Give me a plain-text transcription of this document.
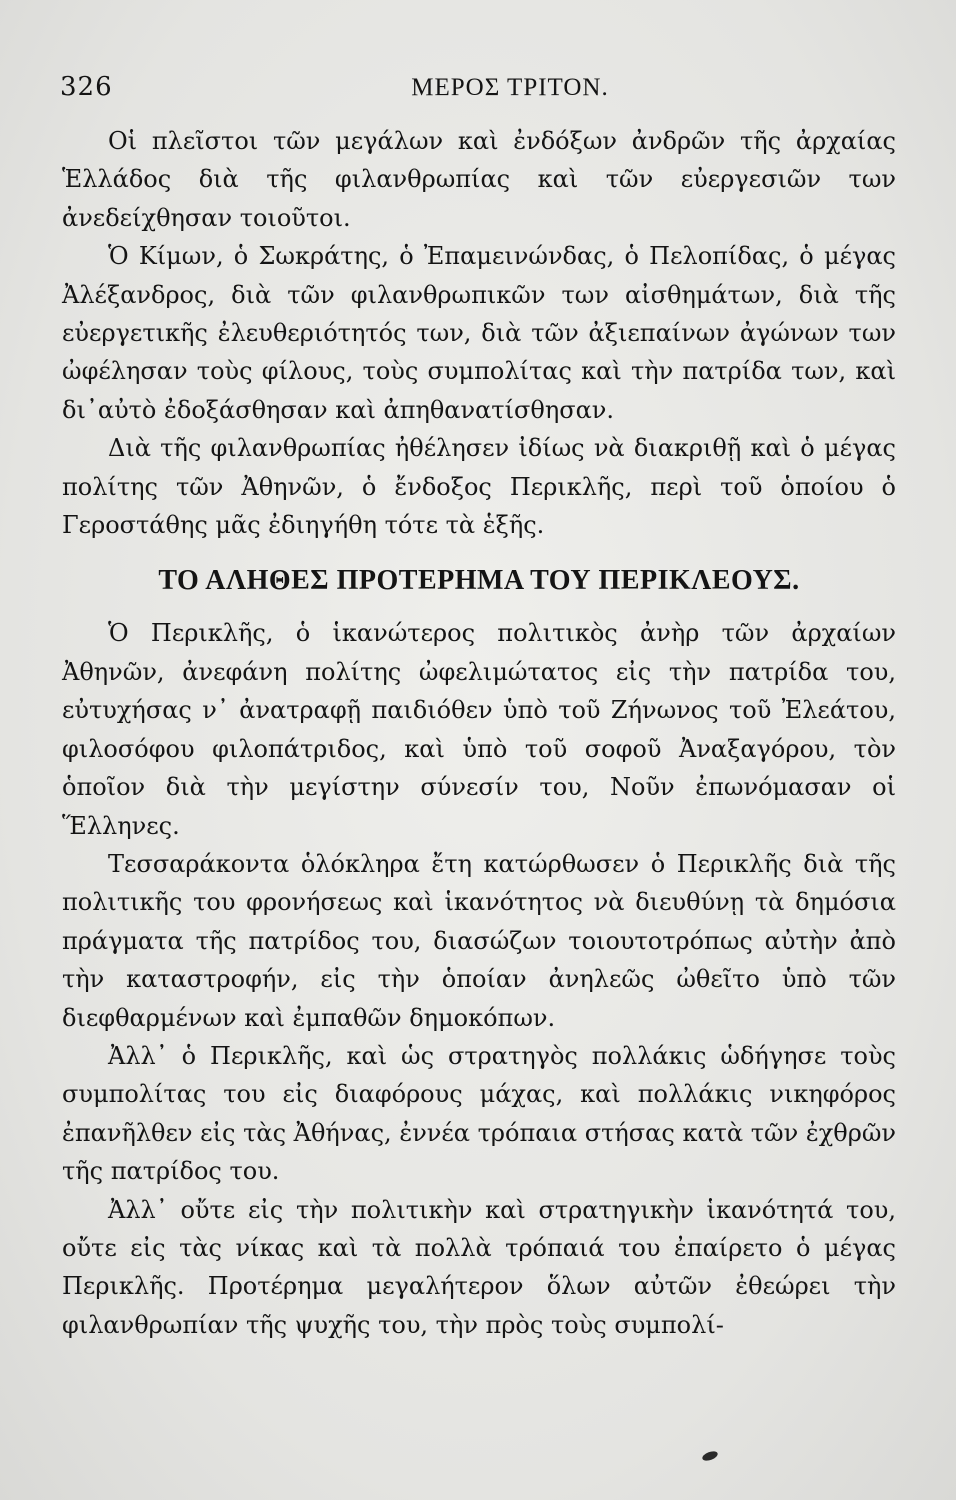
326	ΜΕΡΟΣ ΤΡΙΤΟΝ.

Οἱ πλεῖστοι τῶν μεγάλων καὶ ἐνδόξων ἀνδρῶν τῆς ἀρχαίας Ἑλλάδος διὰ τῆς φιλανθρωπίας καὶ τῶν εὐεργεσιῶν των ἀνεδείχθησαν τοιοῦτοι.

Ὁ Κίμων, ὁ Σωκράτης, ὁ Ἐπαμεινώνδας, ὁ Πελοπίδας, ὁ μέγας Ἀλέξανδρος, διὰ τῶν φιλανθρωπικῶν των αἰσθημάτων, διὰ τῆς εὐεργετικῆς ἐλευθεριότητός των, διὰ τῶν ἀξιεπαίνων ἀγώνων των ὠφέλησαν τοὺς φίλους, τοὺς συμπολίτας καὶ τὴν πατρίδα των, καὶ δι᾽αὐτὸ ἐδοξάσθησαν καὶ ἀπηθανατίσθησαν.

Διὰ τῆς φιλανθρωπίας ἠθέλησεν ἰδίως νὰ διακριθῇ καὶ ὁ μέγας πολίτης τῶν Ἀθηνῶν, ὁ ἔνδοξος Περικλῆς, περὶ τοῦ ὁποίου ὁ Γεροστάθης μᾶς ἐδιηγήθη τότε τὰ ἑξῆς.

ΤΟ ΑΛΗΘΕΣ ΠΡΟΤΕΡΗΜΑ ΤΟΥ ΠΕΡΙΚΛΕΟΥΣ.

Ὁ Περικλῆς, ὁ ἱκανώτερος πολιτικὸς ἀνὴρ τῶν ἀρχαίων Ἀθηνῶν, ἀνεφάνη πολίτης ὠφελιμώτατος εἰς τὴν πατρίδα του, εὐτυχήσας ν᾽ ἀνατραφῇ παιδιόθεν ὑπὸ τοῦ Ζήνωνος τοῦ Ἐλεάτου, φιλοσόφου φιλοπάτριδος, καὶ ὑπὸ τοῦ σοφοῦ Ἀναξαγόρου, τὸν ὁποῖον διὰ τὴν μεγίστην σύνεσίν του, Νοῦν ἐπωνόμασαν οἱ Ἕλληνες.

Τεσσαράκοντα ὁλόκληρα ἔτη κατώρθωσεν ὁ Περικλῆς διὰ τῆς πολιτικῆς του φρονήσεως καὶ ἱκανότητος νὰ διευθύνῃ τὰ δημόσια πράγματα τῆς πατρίδος του, διασώζων τοιουτοτρόπως αὐτὴν ἀπὸ τὴν καταστροφήν, εἰς τὴν ὁποίαν ἀνηλεῶς ὠθεῖτο ὑπὸ τῶν διεφθαρμένων καὶ ἐμπαθῶν δημοκόπων.

Ἀλλ᾽ ὁ Περικλῆς, καὶ ὡς στρατηγὸς πολλάκις ὡδήγησε τοὺς συμπολίτας του εἰς διαφόρους μάχας, καὶ πολλάκις νικηφόρος ἐπανῆλθεν εἰς τὰς Ἀθήνας, ἐννέα τρόπαια στήσας κατὰ τῶν ἐχθρῶν τῆς πατρίδος του.

Ἀλλ᾽ οὔτε εἰς τὴν πολιτικὴν καὶ στρατηγικὴν ἱκανότητά του, οὔτε εἰς τὰς νίκας καὶ τὰ πολλὰ τρόπαιά του ἐπαίρετο ὁ μέγας Περικλῆς. Προτέρημα μεγαλήτερον ὅλων αὐτῶν ἐθεώρει τὴν φιλανθρωπίαν τῆς ψυχῆς του, τὴν πρὸς τοὺς συμπολί-
